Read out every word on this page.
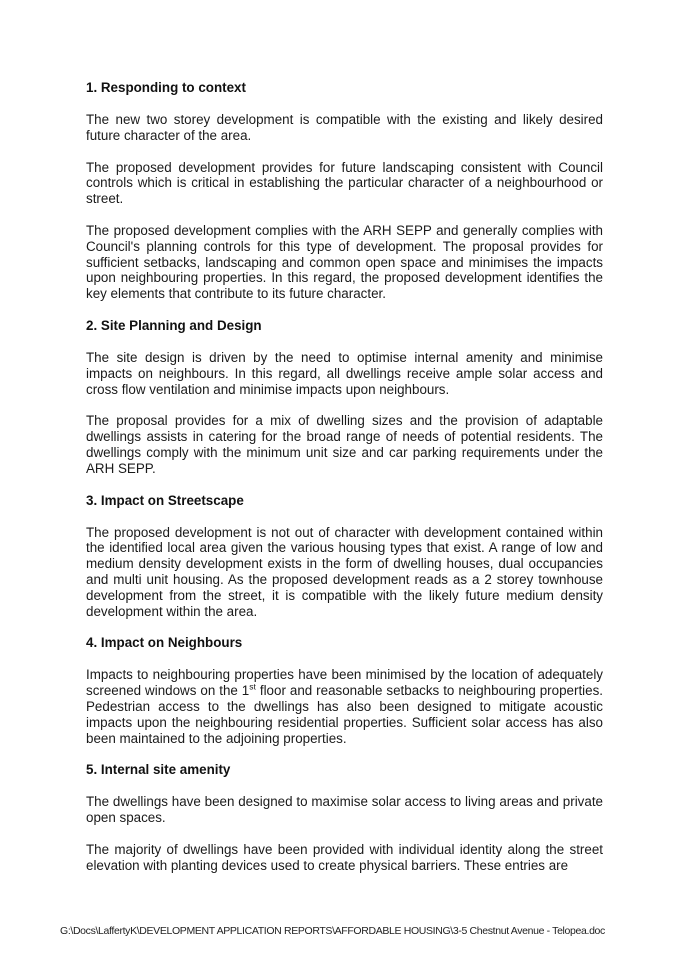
1. Responding to context

The new two storey development is compatible with the existing and likely desired future character of the area.

The proposed development provides for future landscaping consistent with Council controls which is critical in establishing the particular character of a neighbourhood or street.

The proposed development complies with the ARH SEPP and generally complies with Council's planning controls for this type of development. The proposal provides for sufficient setbacks, landscaping and common open space and minimises the impacts upon neighbouring properties. In this regard, the proposed development identifies the key elements that contribute to its future character.

2. Site Planning and Design

The site design is driven by the need to optimise internal amenity and minimise impacts on neighbours. In this regard, all dwellings receive ample solar access and cross flow ventilation and minimise impacts upon neighbours.

The proposal provides for a mix of dwelling sizes and the provision of adaptable dwellings assists in catering for the broad range of needs of potential residents. The dwellings comply with the minimum unit size and car parking requirements under the ARH SEPP.

3. Impact on Streetscape

The proposed development is not out of character with development contained within the identified local area given the various housing types that exist. A range of low and medium density development exists in the form of dwelling houses, dual occupancies and multi unit housing. As the proposed development reads as a 2 storey townhouse development from the street, it is compatible with the likely future medium density development within the area.

4. Impact on Neighbours

Impacts to neighbouring properties have been minimised by the location of adequately screened windows on the 1st floor and reasonable setbacks to neighbouring properties. Pedestrian access to the dwellings has also been designed to mitigate acoustic impacts upon the neighbouring residential properties. Sufficient solar access has also been maintained to the adjoining properties.

5. Internal site amenity

The dwellings have been designed to maximise solar access to living areas and private open spaces.

The majority of dwellings have been provided with individual identity along the street elevation with planting devices used to create physical barriers. These entries are

G:\Docs\LaffertyK\DEVELOPMENT APPLICATION REPORTS\AFFORDABLE HOUSING\3-5 Chestnut Avenue - Telopea.doc
